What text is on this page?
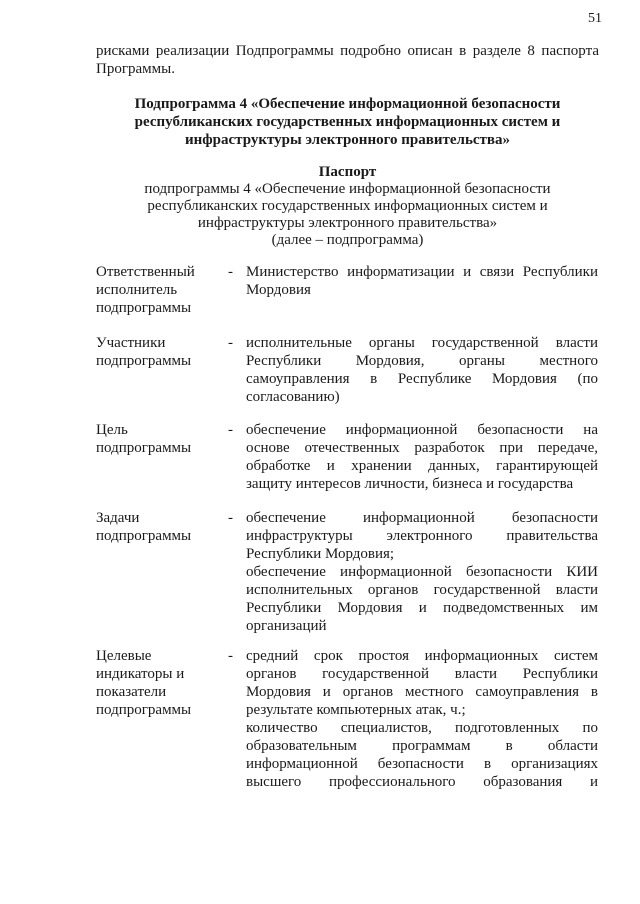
51
рисками реализации Подпрограммы подробно описан в разделе 8 паспорта
Программы.
Подпрограмма 4 «Обеспечение информационной безопасности
республиканских государственных информационных систем и
инфраструктуры электронного правительства»
Паспорт
подпрограммы 4 «Обеспечение информационной безопасности
республиканских государственных информационных систем и
инфраструктуры электронного правительства»
(далее – подпрограмма)
Ответственный
исполнитель
подпрограммы
- Министерство информатизации и связи Республики
Мордовия
Участники
подпрограммы
- исполнительные органы государственной власти
Республики Мордовия, органы местного
самоуправления в Республике Мордовия (по
согласованию)
Цель
подпрограммы
- обеспечение информационной безопасности на
основе отечественных разработок при передаче,
обработке и хранении данных, гарантирующей
защиту интересов личности, бизнеса и государства
Задачи
подпрограммы
- обеспечение информационной безопасности
инфраструктуры электронного правительства
Республики Мордовия;
обеспечение информационной безопасности КИИ
исполнительных органов государственной власти
Республики Мордовия и подведомственных им
организаций
Целевые
индикаторы и
показатели
подпрограммы
- средний срок простоя информационных систем
органов государственной власти Республики
Мордовия и органов местного самоуправления в
результате компьютерных атак, ч.;
количество специалистов, подготовленных по
образовательным программам в области
информационной безопасности в организациях
высшего профессионального образования и
